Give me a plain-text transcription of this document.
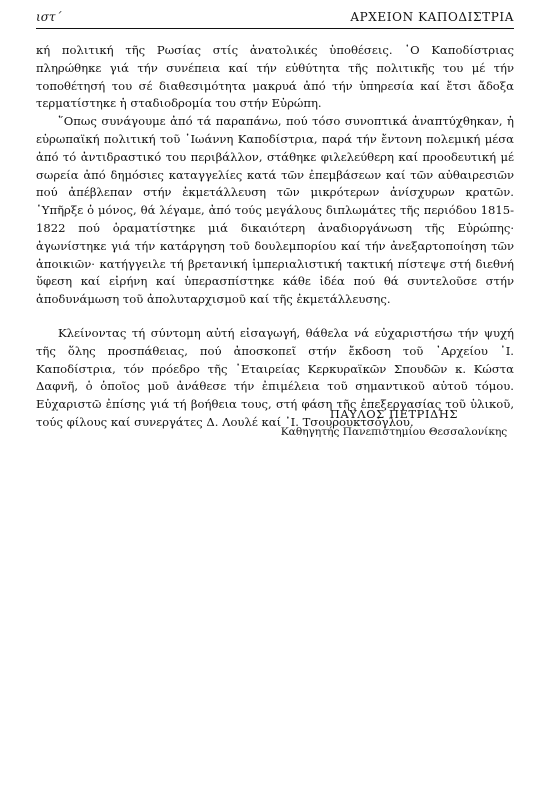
ιστ´	ΑΡΧΕΙΟΝ ΚΑΠΟΔΙΣΤΡΙΑ

κή πολιτική τῆς Ρωσίας στίς ἀνατολικές ὑποθέσεις. ῾Ο Καποδίστριας πληρώθηκε γιά τήν συνέπεια καί τήν εὐθύτητα τῆς πολιτικῆς του μέ τήν τοποθέτησή του σέ διαθεσιμότητα μακρυά ἀπό τήν ὑπηρεσία καί ἔτσι ἄδοξα τερματίστηκε ἡ σταδιοδρομία του στήν Εὐρώπη.

῞Οπως συνάγουμε ἀπό τά παραπάνω, πού τόσο συνοπτικά ἀναπτύχθηκαν, ἡ εὐρωπαϊκή πολιτική τοῦ ᾿Ιωάννη Καποδίστρια, παρά τήν ἔντονη πολεμική μέσα ἀπό τό ἀντιδραστικό του περιβάλλον, στάθηκε φιλελεύθερη καί προοδευτική μέ σωρεία ἀπό δημόσιες καταγγελίες κατά τῶν ἐπεμβάσεων καί τῶν αὐθαιρεσιῶν πού ἀπέβλεπαν στήν ἐκμετάλλευση τῶν μικρότερων ἀνίσχυρων κρατῶν. ῾Υπῆρξε ὁ μόνος, θά λέγαμε, ἀπό τούς μεγάλους διπλωμάτες τῆς περιόδου 1815-1822 πού ὁραματίστηκε μιά δικαιότερη ἀναδιοργάνωση τῆς Εὐρώπης· ἀγωνίστηκε γιά τήν κατάργηση τοῦ δουλεμπορίου καί τήν ἀνεξαρτοποίηση τῶν ἀποικιῶν· κατήγγειλε τή βρετανική ἰμπεριαλιστική τακτική πίστεψε στή διεθνή ὕφεση καί εἰρήνη καί ὑπερασπίστηκε κάθε ἰδέα πού θά συντελοῦσε στήν ἀποδυνάμωση τοῦ ἀπολυταρχισμοῦ καί τῆς ἐκμετάλλευσης.

Κλείνοντας τή σύντομη αὐτή εἰσαγωγή, θάθελα νά εὐχαριστήσω τήν ψυχή τῆς ὅλης προσπάθειας, πού ἀποσκοπεῖ στήν ἔκδοση τοῦ ᾿Αρχείου ᾿Ι. Καποδίστρια, τόν πρόεδρο τῆς ᾿Εταιρείας Κερκυραϊκῶν Σπουδῶν κ. Κώστα Δαφνῆ, ὁ ὁποῖος μοῦ ἀνάθεσε τήν ἐπιμέλεια τοῦ σημαντικοῦ αὐτοῦ τόμου. Εὐχαριστῶ ἐπίσης γιά τή βοήθεια τους, στή φάση τῆς ἐπεξεργασίας τοῦ ὑλικοῦ, τούς φίλους καί συνεργάτες Δ. Λουλέ καί ᾿Ι. Τσουρουκτσόγλου.

ΠΑΥΛΟΣ ΠΕΤΡΙΔΗΣ
Καθηγητής Πανεπιστημίου Θεσσαλονίκης
